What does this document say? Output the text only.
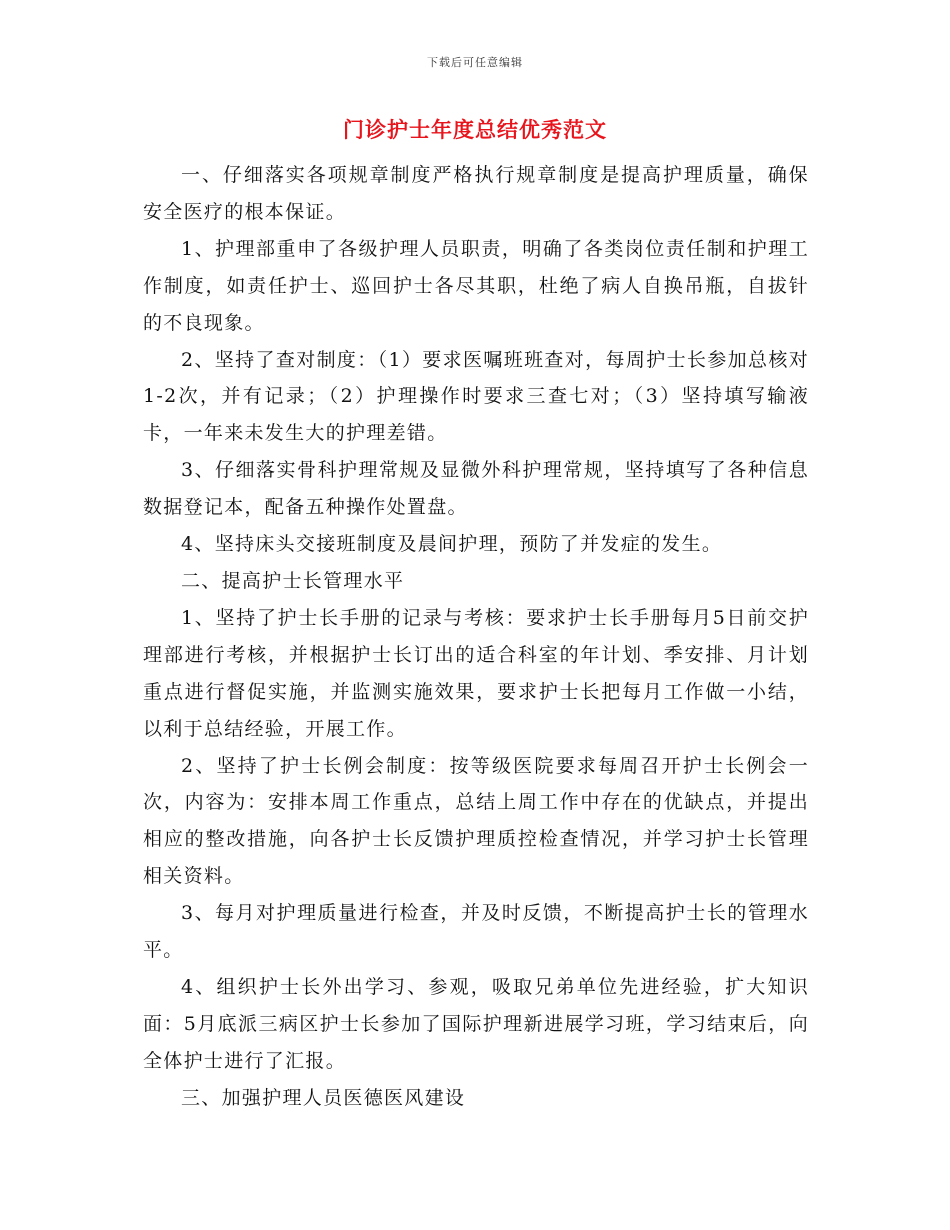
下载后可任意编辑
门诊护士年度总结优秀范文

一、仔细落实各项规章制度严格执行规章制度是提高护理质量，确保安全医疗的根本保证。

1、护理部重申了各级护理人员职责，明确了各类岗位责任制和护理工作制度，如责任护士、巡回护士各尽其职，杜绝了病人自换吊瓶，自拔针的不良现象。

2、坚持了查对制度：（1）要求医嘱班班查对，每周护士长参加总核对1-2次，并有记录；（2）护理操作时要求三查七对；（3）坚持填写输液卡，一年来未发生大的护理差错。

3、仔细落实骨科护理常规及显微外科护理常规，坚持填写了各种信息数据登记本，配备五种操作处置盘。

4、坚持床头交接班制度及晨间护理，预防了并发症的发生。

二、提高护士长管理水平

1、坚持了护士长手册的记录与考核：要求护士长手册每月5日前交护理部进行考核，并根据护士长订出的适合科室的年计划、季安排、月计划重点进行督促实施，并监测实施效果，要求护士长把每月工作做一小结，以利于总结经验，开展工作。

2、坚持了护士长例会制度：按等级医院要求每周召开护士长例会一次，内容为：安排本周工作重点，总结上周工作中存在的优缺点，并提出相应的整改措施，向各护士长反馈护理质控检查情况，并学习护士长管理相关资料。

3、每月对护理质量进行检查，并及时反馈，不断提高护士长的管理水平。

4、组织护士长外出学习、参观，吸取兄弟单位先进经验，扩大知识面：5月底派三病区护士长参加了国际护理新进展学习班，学习结束后，向全体护士进行了汇报。

三、加强护理人员医德医风建设
